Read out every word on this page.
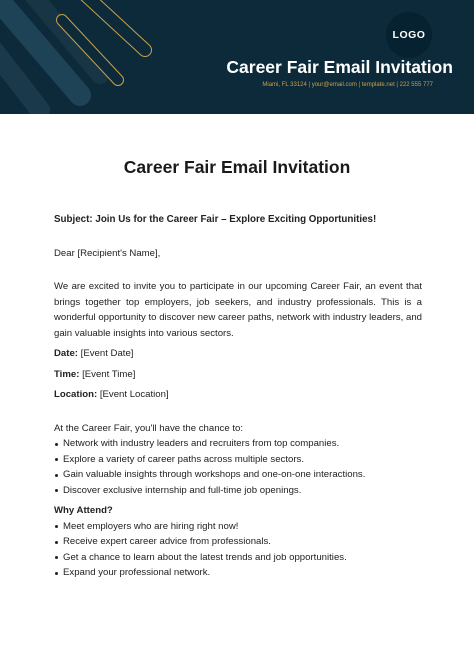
LOGO
Career Fair Email Invitation
Miami, FL 33124 | your@email.com | template.net | 222 555 777
Career Fair Email Invitation

Subject: Join Us for the Career Fair – Explore Exciting Opportunities!

Dear [Recipient's Name],

We are excited to invite you to participate in our upcoming Career Fair, an event that brings together top employers, job seekers, and industry professionals. This is a wonderful opportunity to discover new career paths, network with industry leaders, and gain valuable insights into various sectors.

Date: [Event Date]

Time: [Event Time]

Location: [Event Location]

At the Career Fair, you'll have the chance to:

Network with industry leaders and recruiters from top companies.
Explore a variety of career paths across multiple sectors.
Gain valuable insights through workshops and one-on-one interactions.
Discover exclusive internship and full-time job openings.

Why Attend?

Meet employers who are hiring right now!
Receive expert career advice from professionals.
Get a chance to learn about the latest trends and job opportunities.
Expand your professional network.
